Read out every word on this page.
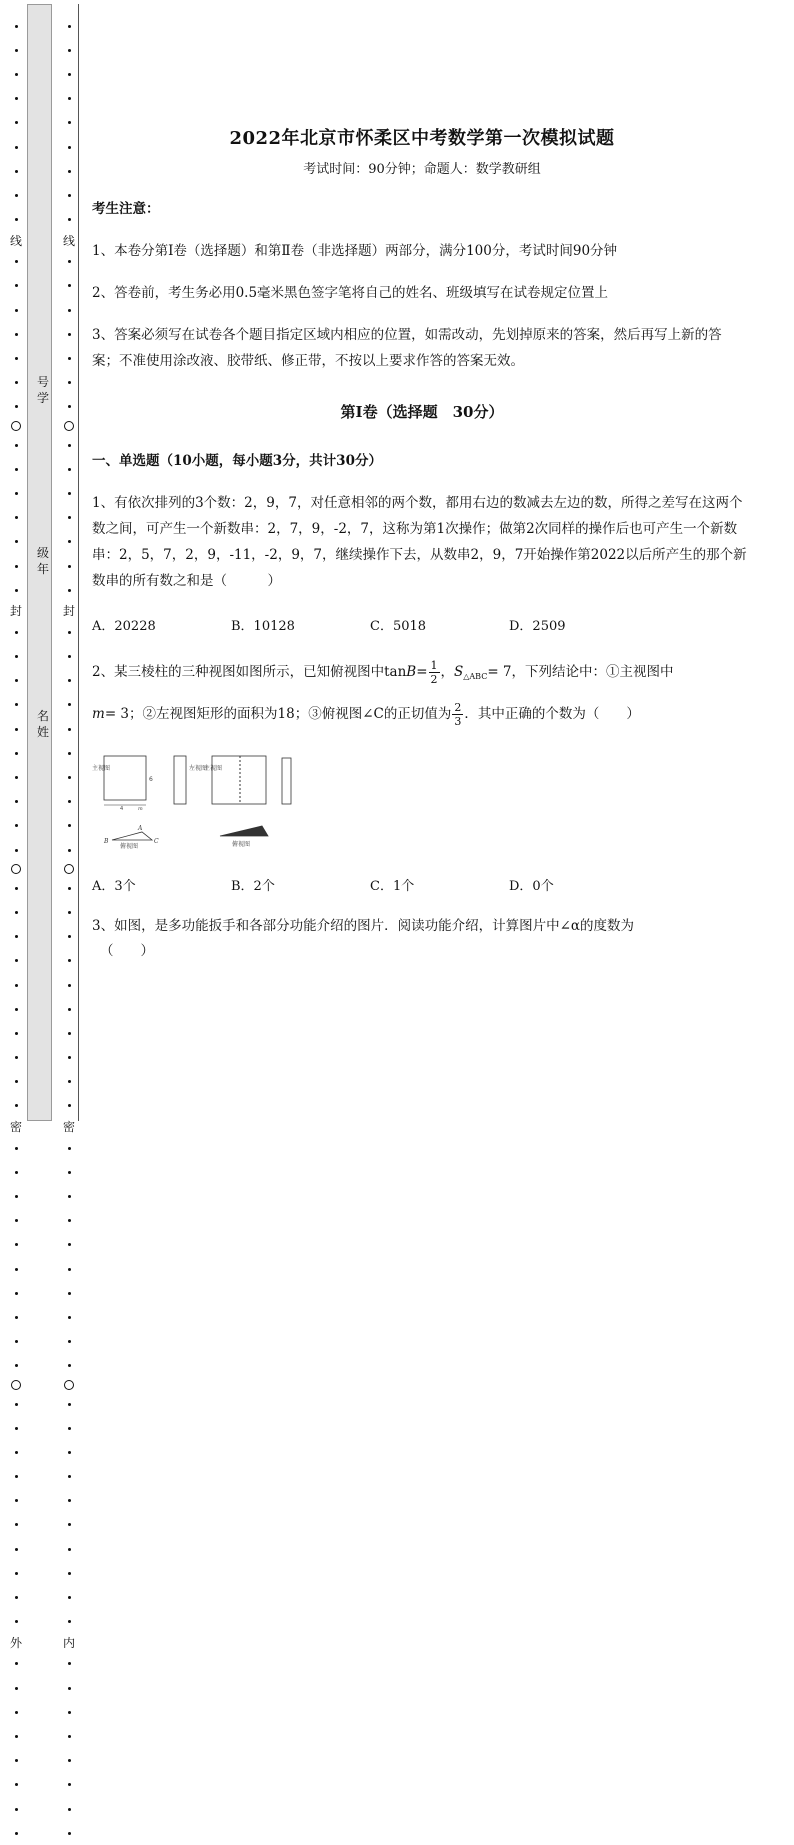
线
封
密
外
线
封
密
内
号
学
级
年
名
姓
2022年北京市怀柔区中考数学第一次模拟试题
考试时间：90分钟；命题人：数学教研组
考生注意：
1、本卷分第I卷（选择题）和第Ⅱ卷（非选择题）两部分，满分100分，考试时间90分钟
2、答卷前，考生务必用0.5毫米黑色签字笔将自己的姓名、班级填写在试卷规定位置上
3、答案必须写在试卷各个题目指定区域内相应的位置，如需改动，先划掉原来的答案，然后再写上新的答案；不准使用涂改液、胶带纸、修正带，不按以上要求作答的答案无效。
第I卷（选择题　30分）
一、单选题（10小题，每小题3分，共计30分）
1、有依次排列的3个数：2，9，7，对任意相邻的两个数，都用右边的数减去左边的数，所得之差写在这两个数之间，可产生一个新数串：2，7，9，-2，7，这称为第1次操作；做第2次同样的操作后也可产生一个新数串：2，5，7，2，9，-11，-2，9，7，继续操作下去，从数串2，9，7开始操作第2022以后所产生的那个新数串的所有数之和是（　　　）
A．20228	B．10128	C．5018	D．2509
2、某三棱柱的三种视图如图所示，已知俯视图中$\tan B= \frac{1}{2}$ ，$S_{\triangle ABC}= 7$，下列结论中：①主视图中
m= 3；②左视图矩形的面积为18；③俯视图∠C的正切值为 $\frac{2}{3}$ ．其中正确的个数为（　　）
主视图
6
4	m
左视图
A
B	C
俯视图
主视图
俯视图
A．3个	B．2个	C．1个	D．0个
3、如图，是多功能扳手和各部分功能介绍的图片．阅读功能介绍，计算图片中∠α的度数为
（　　）
